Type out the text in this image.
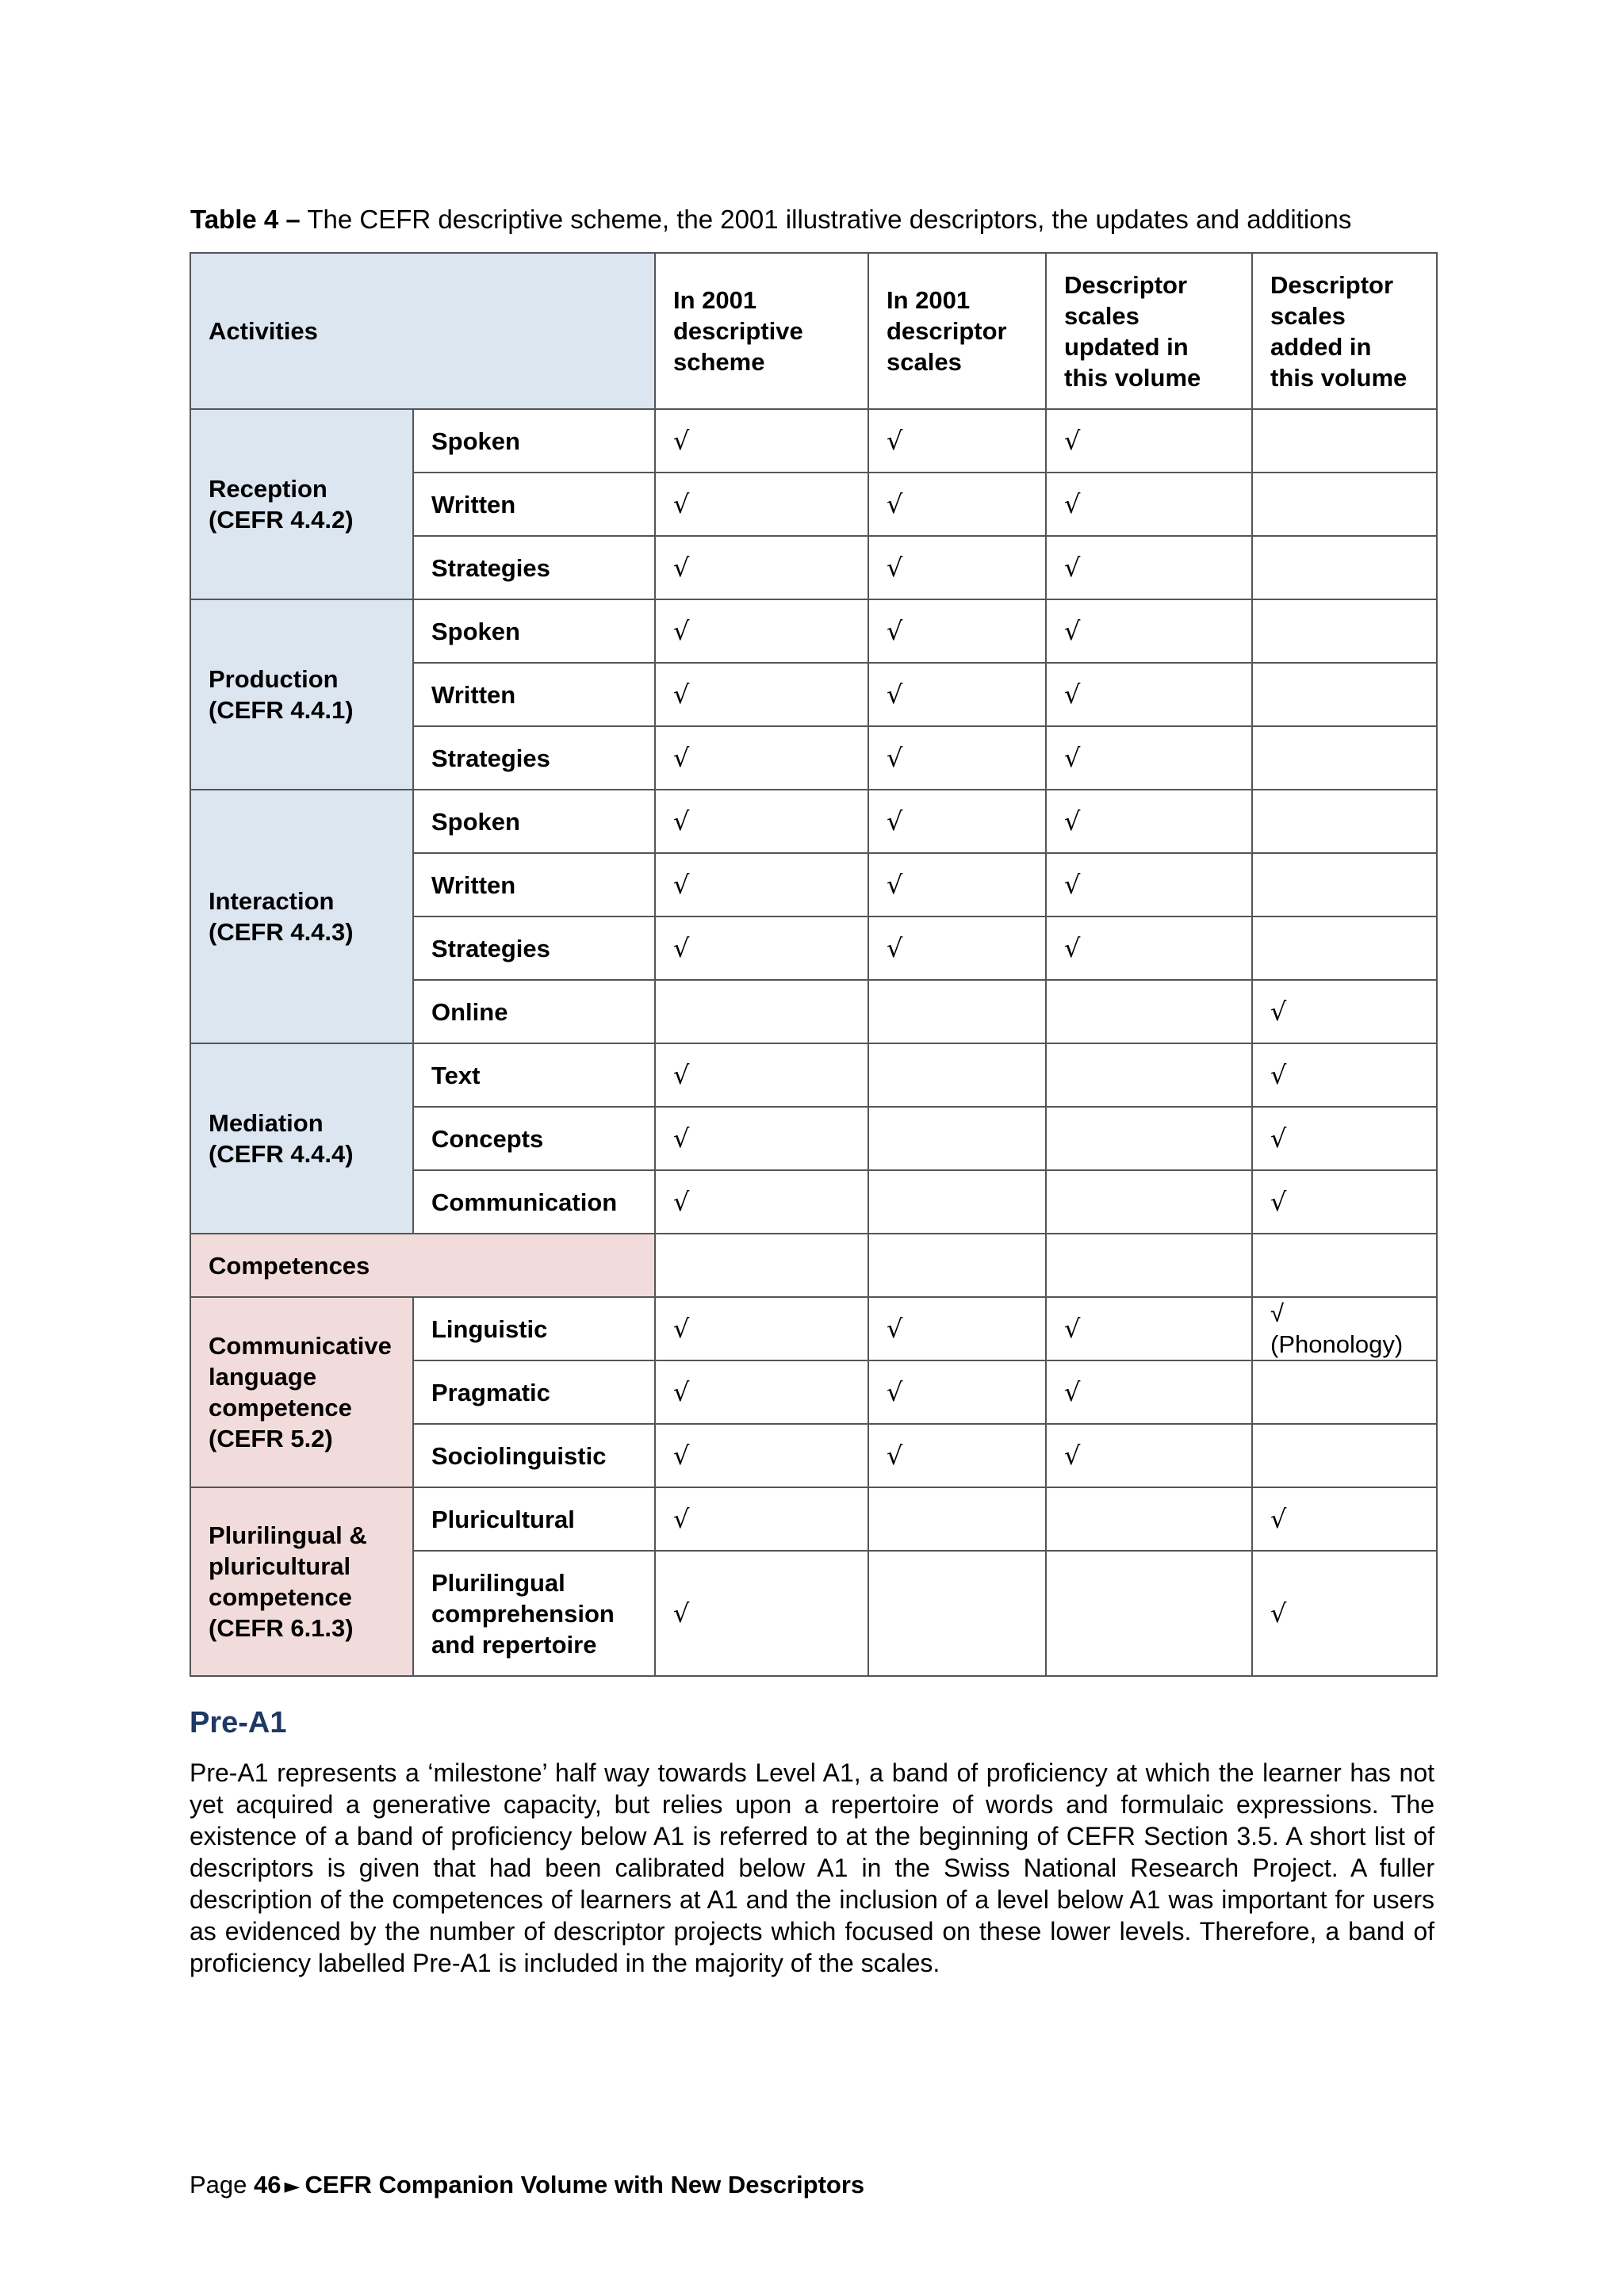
Table 4 – The CEFR descriptive scheme, the 2001 illustrative descriptors, the updates and additions
Activities		In 2001 descriptive scheme	In 2001 descriptor scales	Descriptor scales updated in this volume	Descriptor scales added in this volume
Reception (CEFR 4.4.2)	Spoken	√	√	√	
	Written	√	√	√	
	Strategies	√	√	√	
Production (CEFR 4.4.1)	Spoken	√	√	√	
	Written	√	√	√	
	Strategies	√	√	√	
Interaction (CEFR 4.4.3)	Spoken	√	√	√	
	Written	√	√	√	
	Strategies	√	√	√	
	Online				√
Mediation (CEFR 4.4.4)	Text	√			√
	Concepts	√			√
	Communication	√			√
Competences					
Communicative language competence (CEFR 5.2)	Linguistic	√	√	√	√ (Phonology)
	Pragmatic	√	√	√	
	Sociolinguistic	√	√	√	
Plurilingual & pluricultural competence (CEFR 6.1.3)	Pluricultural	√			√
	Plurilingual comprehension and repertoire	√			√
Pre-A1
Pre-A1 represents a ‘milestone’ half way towards Level A1, a band of proficiency at which the learner has not yet acquired a generative capacity, but relies upon a repertoire of words and formulaic expressions. The existence of a band of proficiency below A1 is referred to at the beginning of CEFR Section 3.5. A short list of descriptors is given that had been calibrated below A1 in the Swiss National Research Project. A fuller description of the competences of learners at A1 and the inclusion of a level below A1 was important for users as evidenced by the number of descriptor projects which focused on these lower levels. Therefore, a band of proficiency labelled Pre-A1 is included in the majority of the scales.
Page 46 ► CEFR Companion Volume with New Descriptors
